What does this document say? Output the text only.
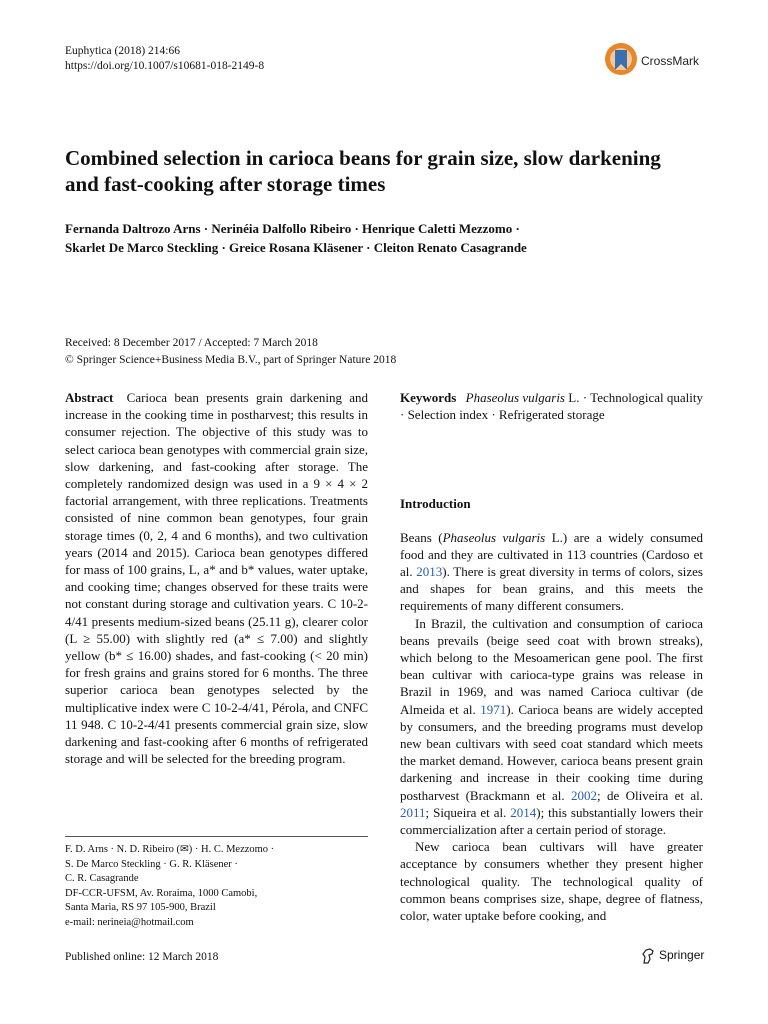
Euphytica (2018) 214:66
https://doi.org/10.1007/s10681-018-2149-8	CrossMark
Combined selection in carioca beans for grain size, slow darkening and fast-cooking after storage times
Fernanda Daltrozo Arns · Nerinéia Dalfollo Ribeiro · Henrique Caletti Mezzomo ·
Skarlet De Marco Steckling · Greice Rosana Kläsener · Cleiton Renato Casagrande
Received: 8 December 2017 / Accepted: 7 March 2018
© Springer Science+Business Media B.V., part of Springer Nature 2018

Abstract Carioca bean presents grain darkening and increase in the cooking time in postharvest; this results in consumer rejection. The objective of this study was to select carioca bean genotypes with commercial grain size, slow darkening, and fast-cooking after storage. The completely randomized design was used in a 9 × 4 × 2 factorial arrangement, with three replications. Treatments consisted of nine common bean genotypes, four grain storage times (0, 2, 4 and 6 months), and two cultivation years (2014 and 2015). Carioca bean genotypes differed for mass of 100 grains, L, a* and b* values, water uptake, and cooking time; changes observed for these traits were not constant during storage and cultivation years. C 10-2-4/41 presents medium-sized beans (25.11 g), clearer color (L ≥ 55.00) with slightly red (a* ≤ 7.00) and slightly yellow (b* ≤ 16.00) shades, and fast-cooking (< 20 min) for fresh grains and grains stored for 6 months. The three superior carioca bean genotypes selected by the multiplicative index were C 10-2-4/41, Pérola, and CNFC 11 948. C 10-2-4/41 presents commercial grain size, slow darkening and fast-cooking after 6 months of refrigerated storage and will be selected for the breeding program.

Keywords Phaseolus vulgaris L. · Technological quality · Selection index · Refrigerated storage

Introduction

Beans (Phaseolus vulgaris L.) are a widely consumed food and they are cultivated in 113 countries (Cardoso et al. 2013). There is great diversity in terms of colors, sizes and shapes for bean grains, and this meets the requirements of many different consumers.

In Brazil, the cultivation and consumption of carioca beans prevails (beige seed coat with brown streaks), which belong to the Mesoamerican gene pool. The first bean cultivar with carioca-type grains was release in Brazil in 1969, and was named Carioca cultivar (de Almeida et al. 1971). Carioca beans are widely accepted by consumers, and the breeding programs must develop new bean cultivars with seed coat standard which meets the market demand. However, carioca beans present grain darkening and increase in their cooking time during postharvest (Brackmann et al. 2002; de Oliveira et al. 2011; Siqueira et al. 2014); this substantially lowers their commercialization after a certain period of storage.

New carioca bean cultivars will have greater acceptance by consumers whether they present higher technological quality. The technological quality of common beans comprises size, shape, degree of flatness, color, water uptake before cooking, and

F. D. Arns · N. D. Ribeiro (✉) · H. C. Mezzomo ·
S. De Marco Steckling · G. R. Kläsener ·
C. R. Casagrande
DF-CCR-UFSM, Av. Roraima, 1000 Camobi,
Santa Maria, RS 97 105-900, Brazil
e-mail: nerineia@hotmail.com
Published online: 12 March 2018	Springer
